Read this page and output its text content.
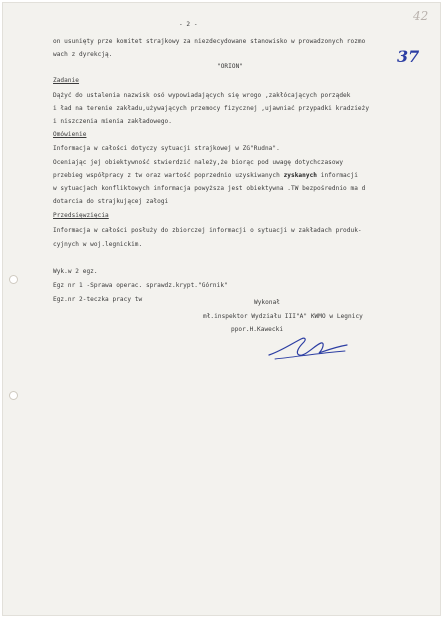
42
37
- 2 -
on usunięty prze komitet strajkowy za niezdecydowane stanowisko w prowadzonych rozmo
wach z dyrekcją.
"ORION"
Zadanie
Dążyć do ustalenia nazwisk osó wypowiadających się wrogo ,zakłócających porządek
i ład na terenie zakładu,używających przemocy fizycznej ,ujawniać przypadki kradzieży
i niszczenia mienia zakładowego.
Omówienie
Informacja w całości dotyczy sytuacji strajkowej w ZG"Rudna".
Oceniając jej obiektywność stwierdzić należy,że biorąc pod uwagę dotychczasowy
przebieg współpracy z tw oraz wartość poprzednio uzyskiwanych zyskanych informacji
w sytuacjach konfliktowych informacja powyższa jest obiektywna .TW bezpośrednio ma d
dotarcia do strajkującej załogi
Przedsięwzięcia
Informacja w całości posłuży do zbiorczej informacji o sytuacji w zakładach produk-
cyjnych w woj.legnickim.
Wyk.w 2 egz.
Egz nr 1 -Sprawa operac. sprawdz.krypt."Górnik"
Egz.nr 2-teczka pracy tw	Wykonał
mł.inspektor Wydziału III"A" KWMO w Legnicy
ppor.H.Kawecki
